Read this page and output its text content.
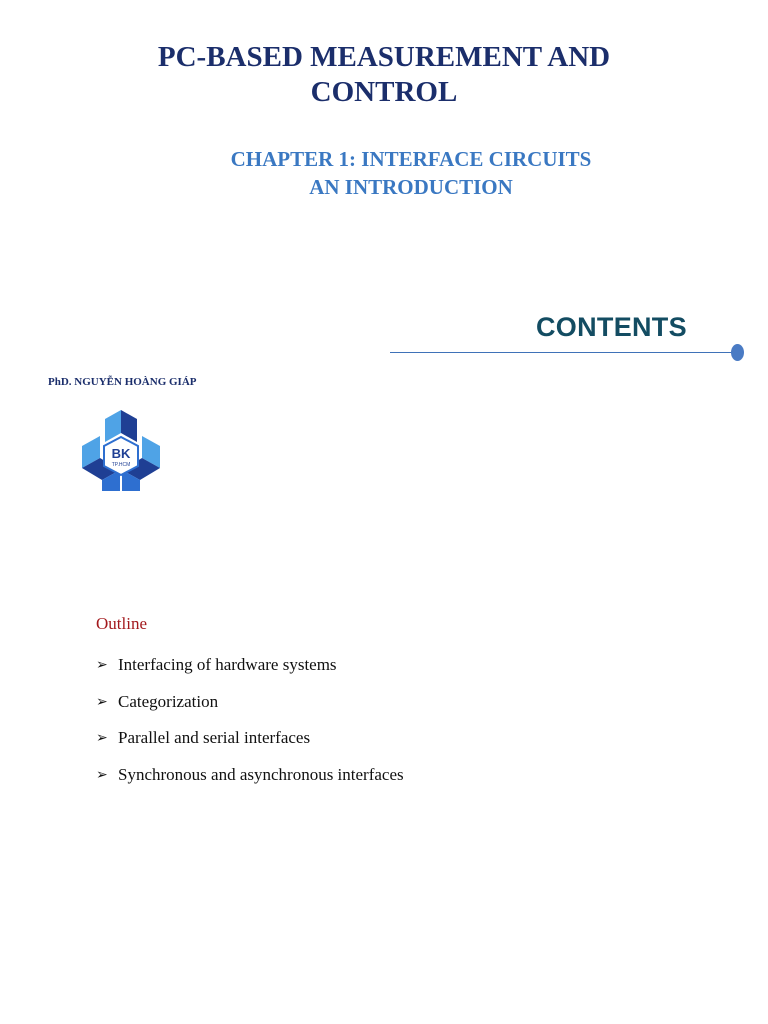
PC-BASED MEASUREMENT AND
CONTROL
CHAPTER 1: INTERFACE CIRCUITS
AN INTRODUCTION
CONTENTS
PhD. NGUYỄN HOÀNG GIÁP
BK
TP.HCM
Outline
➢ Interfacing of hardware systems
➢ Categorization
➢ Parallel and serial interfaces
➢ Synchronous and asynchronous interfaces
